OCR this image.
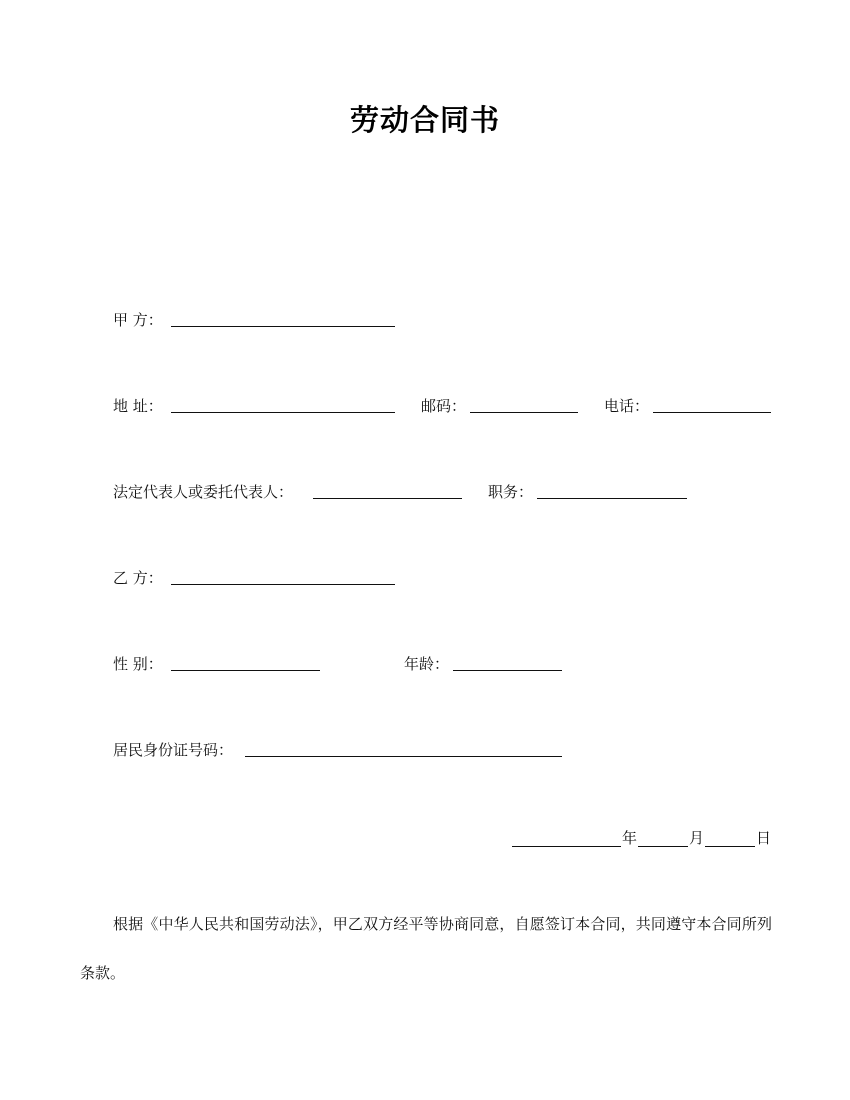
劳动合同书
甲 方：
地 址：	邮码：	电话：
法定代表人或委托代表人：	职务：
乙 方：
性 别：	年龄：
居民身份证号码：
年	月	日
根据《中华人民共和国劳动法》，甲乙双方经平等协商同意，自愿签订本合同，共同遵守本合同所列条款。
